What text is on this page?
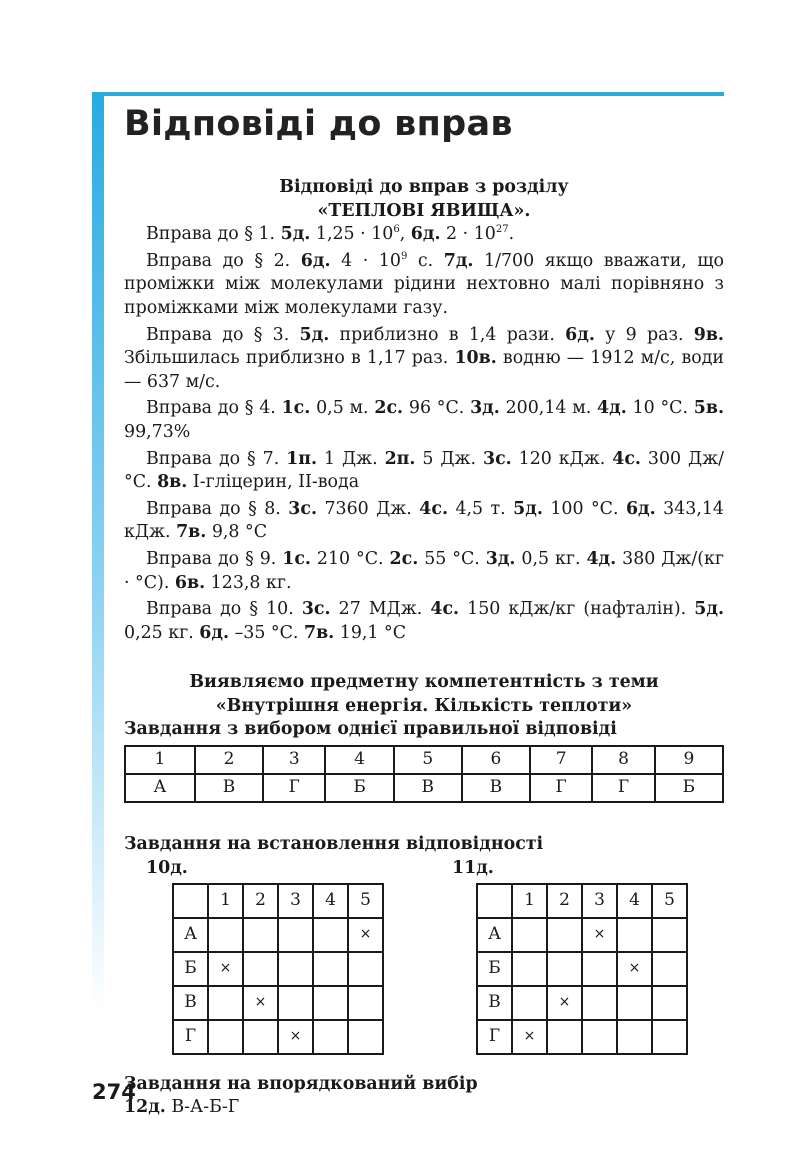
Відповіді до вправ
Відповіді до вправ з розділу
«ТЕПЛОВІ ЯВИЩА».

Вправа до § 1. 5д. $1,25 \cdot 10^6$, 6д. $2 \cdot 10^{27}$.

Вправа до § 2. 6д. $4 \cdot 10^9$ с. 7д. 1/700 якщо вважати, що проміжки між молекулами рідини нехтовно малі порівняно з проміжками між молекулами газу.

Вправа до § 3. 5д. приблизно в 1,4 рази. 6д. у 9 раз. 9в. Збільшилась приблизно в 1,17 раз. 10в. водню — 1912 м/с, води — 637 м/с.

Вправа до § 4. 1с. 0,5 м. 2с. 96 °С. 3д. 200,14 м. 4д. 10 °С. 5в. 99,73%

Вправа до § 7. 1п. 1 Дж. 2п. 5 Дж. 3с. 120 кДж. 4с. 300 Дж/°С. 8в. I-гліцерин, II-вода

Вправа до § 8. 3с. 7360 Дж. 4с. 4,5 т. 5д. 100 °С. 6д. 343,14 кДж. 7в. 9,8 °С

Вправа до § 9. 1с. 210 °С. 2с. 55 °С. 3д. 0,5 кг. 4д. 380 Дж/(кг · °С). 6в. 123,8 кг.

Вправа до § 10. 3с. 27 МДж. 4с. 150 кДж/кг (нафталін). 5д. 0,25 кг. 6д. –35 °С. 7в. 19,1 °С

Виявляємо предметну компетентність з теми
«Внутрішня енергія. Кількість теплоти»
Завдання з вибором однієї правильної відповіді
1	2	3	4	5	6	7	8	9
А	В	Г	Б	В	В	Г	Г	Б
Завдання на встановлення відповідності
10д.	11д.
	1	2	3	4	5
А					×
Б	×				
В		×			
Г			×		
	1	2	3	4	5
А			×		
Б				×	
В		×			
Г	×				
Завдання на впорядкований вибір
12д. В-А-Б-Г
274
